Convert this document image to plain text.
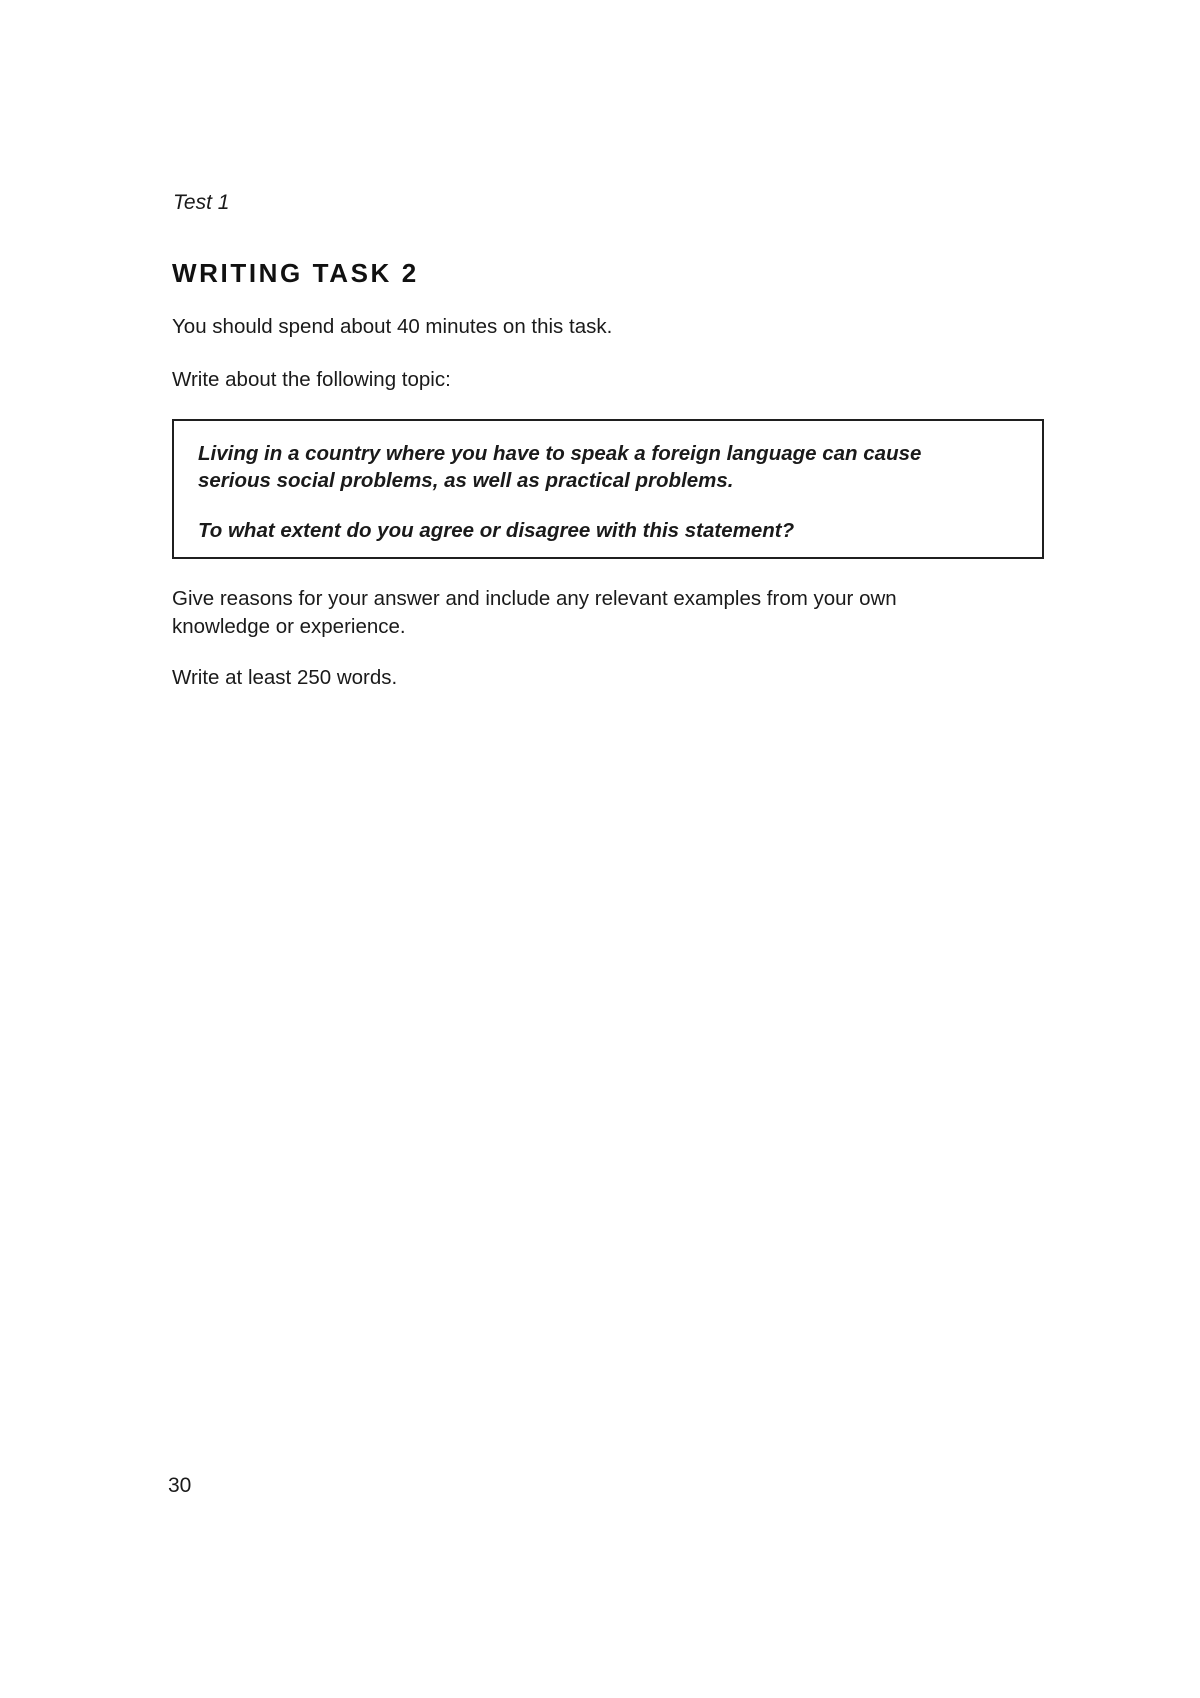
Test 1
WRITING TASK 2
You should spend about 40 minutes on this task.
Write about the following topic:
Living in a country where you have to speak a foreign language can cause
serious social problems, as well as practical problems.
To what extent do you agree or disagree with this statement?
Give reasons for your answer and include any relevant examples from your own
knowledge or experience.
Write at least 250 words.
30
